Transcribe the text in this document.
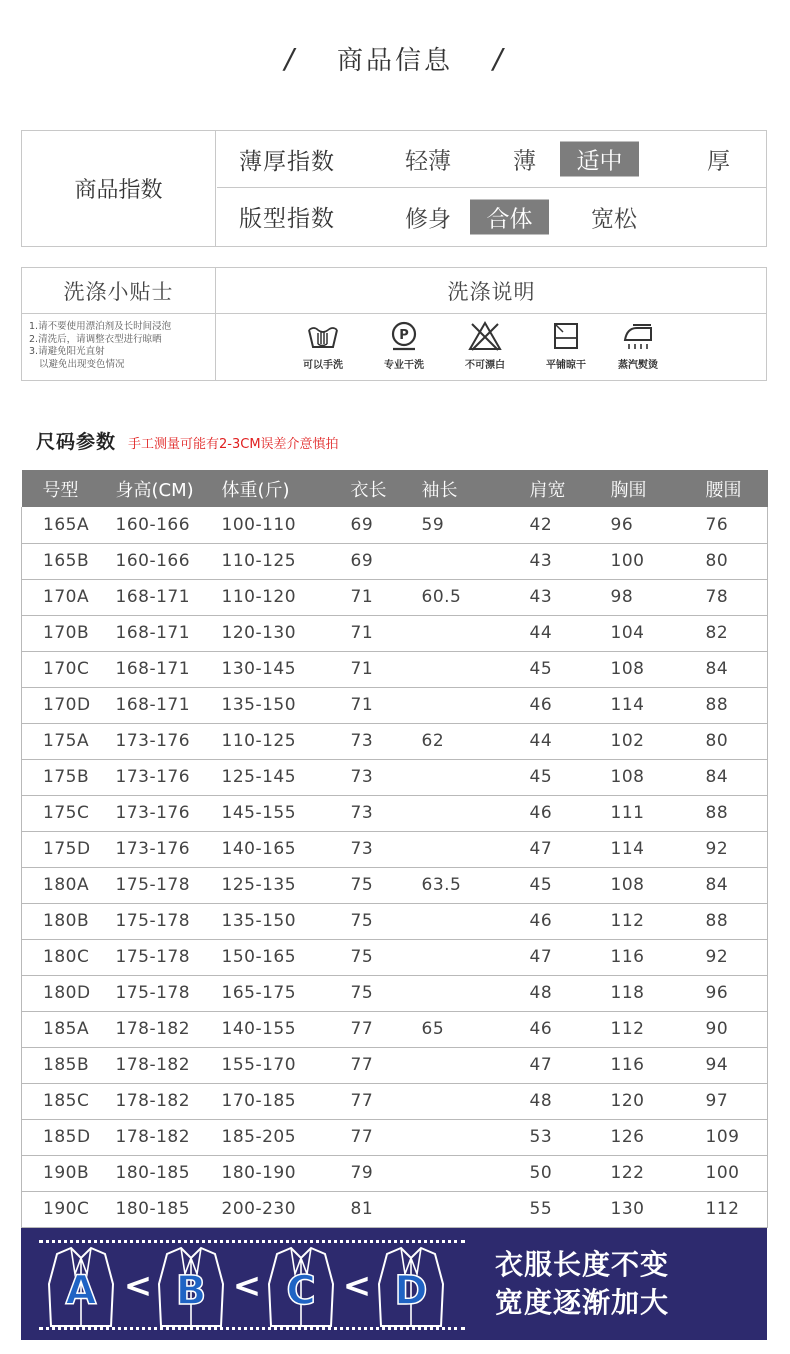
/ 商品信息 /
商品指数
薄厚指数	轻薄	薄	适中	厚
版型指数	修身	合体	宽松
洗涤小贴士	洗涤说明
1.请不要使用漂泊剂及长时间浸泡
2.清洗后，请调整衣型进行晾晒
3.请避免阳光直射
以避免出现变色情况	可以手洗
P
专业干洗	不可漂白	平铺晾干	蒸汽熨烫
尺码参数 手工测量可能有2-3CM误差介意慎拍
号型	身高(CM)	体重(斤)	衣长	袖长	肩宽	胸围	腰围
165A	160-166	100-110	69	59	42	96	76
165B	160-166	110-125	69		43	100	80
170A	168-171	110-120	71	60.5	43	98	78
170B	168-171	120-130	71		44	104	82
170C	168-171	130-145	71		45	108	84
170D	168-171	135-150	71		46	114	88
175A	173-176	110-125	73	62	44	102	80
175B	173-176	125-145	73		45	108	84
175C	173-176	145-155	73		46	111	88
175D	173-176	140-165	73		47	114	92
180A	175-178	125-135	75	63.5	45	108	84
180B	175-178	135-150	75		46	112	88
180C	175-178	150-165	75		47	116	92
180D	175-178	165-175	75		48	118	96
185A	178-182	140-155	77	65	46	112	90
185B	178-182	155-170	77		47	116	94
185C	178-182	170-185	77		48	120	97
185D	178-182	185-205	77		53	126	109
190B	180-185	180-190	79		50	122	100
190C	180-185	200-230	81		55	130	112
A < B < C < D
衣服长度不变
宽度逐渐加大
